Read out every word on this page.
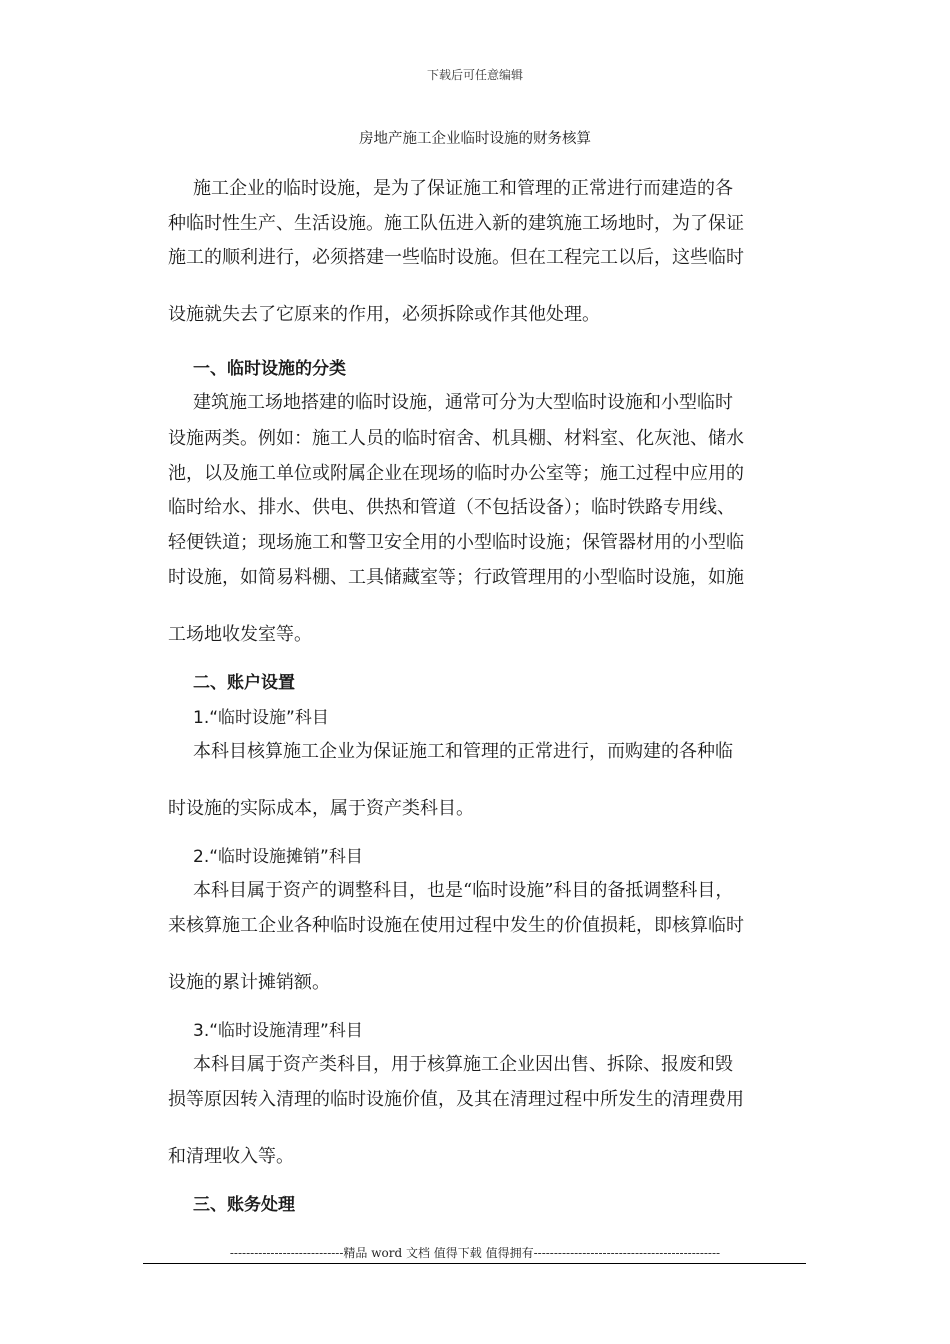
下载后可任意编辑
房地产施工企业临时设施的财务核算
施工企业的临时设施，是为了保证施工和管理的正常进行而建造的各
种临时性生产、生活设施。施工队伍进入新的建筑施工场地时，为了保证
施工的顺利进行，必须搭建一些临时设施。但在工程完工以后，这些临时
设施就失去了它原来的作用，必须拆除或作其他处理。
一、临时设施的分类
建筑施工场地搭建的临时设施，通常可分为大型临时设施和小型临时
设施两类。例如：施工人员的临时宿舍、机具棚、材料室、化灰池、储水
池，以及施工单位或附属企业在现场的临时办公室等；施工过程中应用的
临时给水、排水、供电、供热和管道（不包括设备）；临时铁路专用线、
轻便铁道；现场施工和警卫安全用的小型临时设施；保管器材用的小型临
时设施，如简易料棚、工具储藏室等；行政管理用的小型临时设施，如施
工场地收发室等。
二、账户设置
1.“临时设施”科目
本科目核算施工企业为保证施工和管理的正常进行，而购建的各种临
时设施的实际成本，属于资产类科目。
2.“临时设施摊销”科目
本科目属于资产的调整科目，也是“临时设施”科目的备抵调整科目，
来核算施工企业各种临时设施在使用过程中发生的价值损耗，即核算临时
设施的累计摊销额。
3.“临时设施清理”科目
本科目属于资产类科目，用于核算施工企业因出售、拆除、报废和毁
损等原因转入清理的临时设施价值，及其在清理过程中所发生的清理费用
和清理收入等。
三、账务处理
----------------------------精品 word 文档 值得下载 值得拥有----------------------------------------------
